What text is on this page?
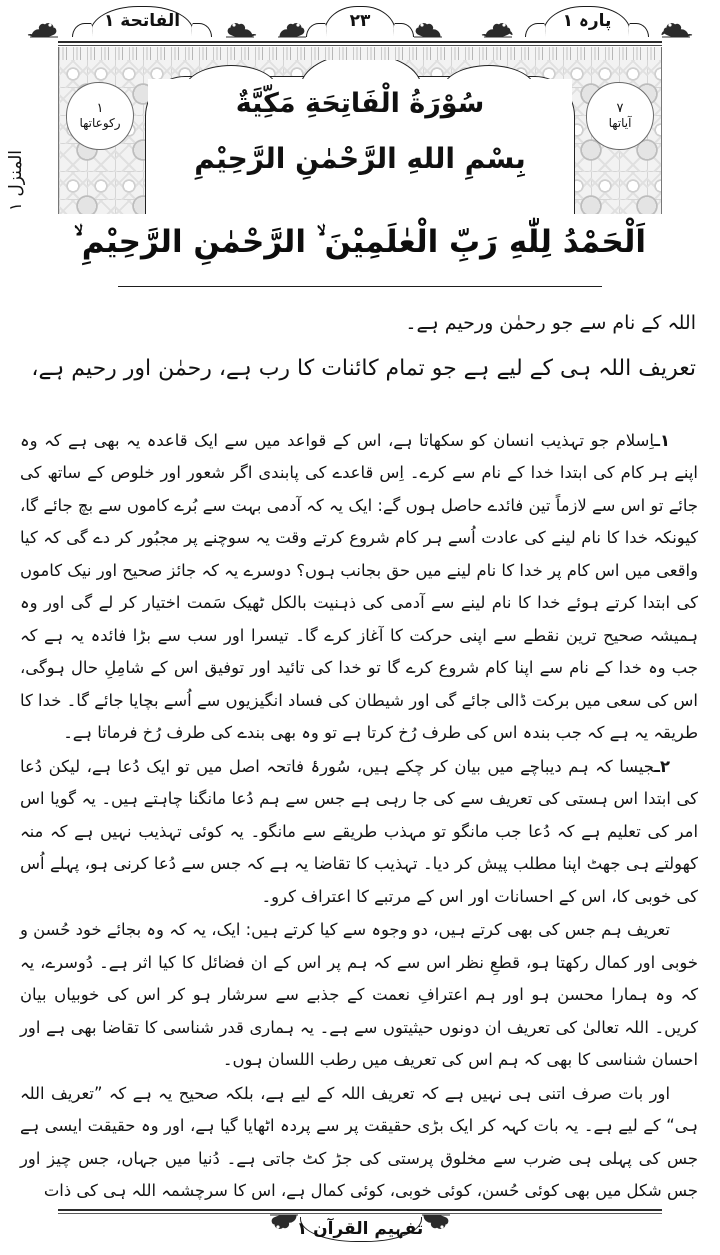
پارہ ١
۲۳
الفاتحة ١
٧
آیاتها
١
رکوعاتها
سُوْرَةُ الْفَاتِحَةِ مَكِّيَّةٌ
بِسْمِ اللهِ الرَّحْمٰنِ الرَّحِيْمِ
المنزل ١
اَلْحَمْدُ لِلّٰهِ رَبِّ الْعٰلَمِيْنَ ۙ الرَّحْمٰنِ الرَّحِيْمِ ۙ
اللہ کے نام سے جو رحمٰن ورحیم ہے۔
تعریف اللہ ہی کے لیے ہے جو تمام کائنات کا رب ہے، رحمٰن اور رحیم ہے،

١ـاِسلام جو تہذیب انسان کو سکھاتا ہے، اس کے قواعد میں سے ایک قاعدہ یہ بھی ہے کہ وہ اپنے ہر کام کی ابتدا خدا کے نام سے کرے۔ اِس قاعدے کی پابندی اگر شعور اور خلوص کے ساتھ کی جائے تو اس سے لازماً تین فائدے حاصل ہوں گے: ایک یہ کہ آدمی بہت سے بُرے کاموں سے بچ جائے گا، کیونکہ خدا کا نام لینے کی عادت اُسے ہر کام شروع کرتے وقت یہ سوچنے پر مجبُور کر دے گی کہ کیا واقعی میں اس کام پر خدا کا نام لینے میں حق بجانب ہوں؟ دوسرے یہ کہ جائز صحیح اور نیک کاموں کی ابتدا کرتے ہوئے خدا کا نام لینے سے آدمی کی ذہنیت بالکل ٹھیک سَمت اختیار کر لے گی اور وہ ہمیشہ صحیح ترین نقطے سے اپنی حرکت کا آغاز کرے گا۔ تیسرا اور سب سے بڑا فائدہ یہ ہے کہ جب وہ خدا کے نام سے اپنا کام شروع کرے گا تو خدا کی تائید اور توفیق اس کے شامِلِ حال ہوگی، اس کی سعی میں برکت ڈالی جائے گی اور شیطان کی فساد انگیزیوں سے اُسے بچایا جائے گا۔ خدا کا طریقہ یہ ہے کہ جب بندہ اس کی طرف رُخ کرتا ہے تو وہ بھی بندے کی طرف رُخ فرماتا ہے۔

٢ـجیسا کہ ہم دیباچے میں بیان کر چکے ہیں، سُورۂ فاتحہ اصل میں تو ایک دُعا ہے، لیکن دُعا کی ابتدا اس ہستی کی تعریف سے کی جا رہی ہے جس سے ہم دُعا مانگنا چاہتے ہیں۔ یہ گویا اس امر کی تعلیم ہے کہ دُعا جب مانگو تو مہذب طریقے سے مانگو۔ یہ کوئی تہذیب نہیں ہے کہ منہ کھولتے ہی جھٹ اپنا مطلب پیش کر دیا۔ تہذیب کا تقاضا یہ ہے کہ جس سے دُعا کرنی ہو، پہلے اُس کی خوبی کا، اس کے احسانات اور اس کے مرتبے کا اعتراف کرو۔

تعریف ہم جس کی بھی کرتے ہیں، دو وجوہ سے کیا کرتے ہیں: ایک، یہ کہ وہ بجائے خود حُسن و خوبی اور کمال رکھتا ہو، قطعِ نظر اس سے کہ ہم پر اس کے ان فضائل کا کیا اثر ہے۔ دُوسرے، یہ کہ وہ ہمارا محسن ہو اور ہم اعترافِ نعمت کے جذبے سے سرشار ہو کر اس کی خوبیاں بیان کریں۔ اللہ تعالیٰ کی تعریف ان دونوں حیثیتوں سے ہے۔ یہ ہماری قدر شناسی کا تقاضا بھی ہے اور احسان شناسی کا بھی کہ ہم اس کی تعریف میں رطب اللسان ہوں۔

اور بات صرف اتنی ہی نہیں ہے کہ تعریف اللہ کے لیے ہے، بلکہ صحیح یہ ہے کہ ”تعریف اللہ ہی“ کے لیے ہے۔ یہ بات کہہ کر ایک بڑی حقیقت پر سے پردہ اٹھایا گیا ہے، اور وہ حقیقت ایسی ہے جس کی پہلی ہی ضرب سے مخلوق پرستی کی جڑ کٹ جاتی ہے۔ دُنیا میں جہاں، جس چیز اور جس شکل میں بھی کوئی حُسن، کوئی خوبی، کوئی کمال ہے، اس کا سرچشمہ اللہ ہی کی ذات

تفہیم القرآن ١
